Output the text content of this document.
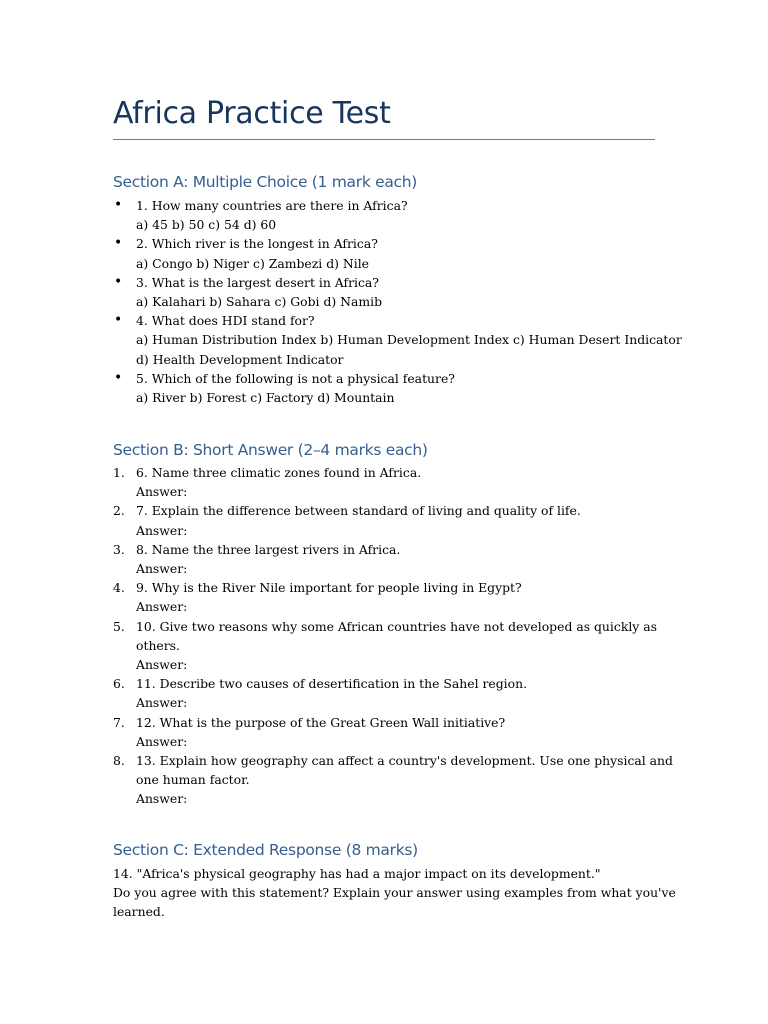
Africa Practice Test
Section A: Multiple Choice (1 mark each)
• 1. How many countries are there in Africa?
a) 45 b) 50 c) 54 d) 60
• 2. Which river is the longest in Africa?
a) Congo b) Niger c) Zambezi d) Nile
• 3. What is the largest desert in Africa?
a) Kalahari b) Sahara c) Gobi d) Namib
• 4. What does HDI stand for?
a) Human Distribution Index b) Human Development Index c) Human Desert Indicator
d) Health Development Indicator
• 5. Which of the following is not a physical feature?
a) River b) Forest c) Factory d) Mountain
Section B: Short Answer (2–4 marks each)
1. 6. Name three climatic zones found in Africa.
Answer:
2. 7. Explain the difference between standard of living and quality of life.
Answer:
3. 8. Name the three largest rivers in Africa.
Answer:
4. 9. Why is the River Nile important for people living in Egypt?
Answer:
5. 10. Give two reasons why some African countries have not developed as quickly as
others.
Answer:
6. 11. Describe two causes of desertification in the Sahel region.
Answer:
7. 12. What is the purpose of the Great Green Wall initiative?
Answer:
8. 13. Explain how geography can affect a country's development. Use one physical and
one human factor.
Answer:
Section C: Extended Response (8 marks)
14. "Africa's physical geography has had a major impact on its development."
Do you agree with this statement? Explain your answer using examples from what you've
learned.
